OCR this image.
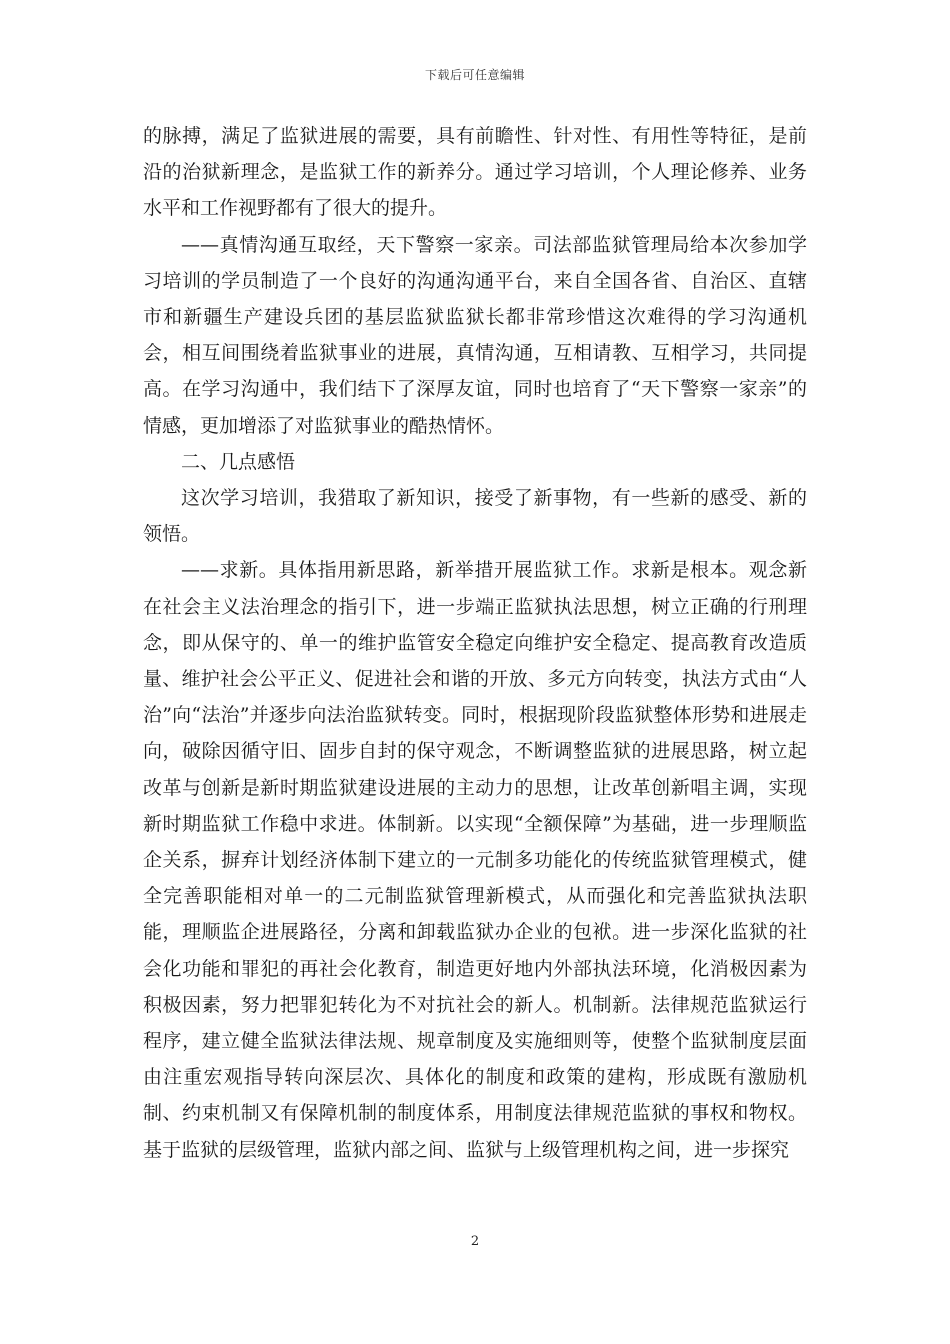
下载后可任意编辑

的脉搏，满足了监狱进展的需要，具有前瞻性、针对性、有用性等特征，是前沿的治狱新理念，是监狱工作的新养分。通过学习培训，个人理论修养、业务水平和工作视野都有了很大的提升。

——真情沟通互取经，天下警察一家亲。司法部监狱管理局给本次参加学习培训的学员制造了一个良好的沟通沟通平台，来自全国各省、自治区、直辖市和新疆生产建设兵团的基层监狱监狱长都非常珍惜这次难得的学习沟通机会，相互间围绕着监狱事业的进展，真情沟通，互相请教、互相学习，共同提高。在学习沟通中，我们结下了深厚友谊，同时也培育了“天下警察一家亲”的情感，更加增添了对监狱事业的酷热情怀。

二、几点感悟

这次学习培训，我猎取了新知识，接受了新事物，有一些新的感受、新的领悟。

——求新。具体指用新思路，新举措开展监狱工作。求新是根本。观念新在社会主义法治理念的指引下，进一步端正监狱执法思想，树立正确的行刑理念，即从保守的、单一的维护监管安全稳定向维护安全稳定、提高教育改造质量、维护社会公平正义、促进社会和谐的开放、多元方向转变，执法方式由“人治”向“法治”并逐步向法治监狱转变。同时，根据现阶段监狱整体形势和进展走向，破除因循守旧、固步自封的保守观念，不断调整监狱的进展思路，树立起改革与创新是新时期监狱建设进展的主动力的思想，让改革创新唱主调，实现新时期监狱工作稳中求进。体制新。以实现“全额保障”为基础，进一步理顺监企关系，摒弃计划经济体制下建立的一元制多功能化的传统监狱管理模式，健全完善职能相对单一的二元制监狱管理新模式，从而强化和完善监狱执法职能，理顺监企进展路径，分离和卸载监狱办企业的包袱。进一步深化监狱的社会化功能和罪犯的再社会化教育，制造更好地内外部执法环境，化消极因素为积极因素，努力把罪犯转化为不对抗社会的新人。机制新。法律规范监狱运行程序，建立健全监狱法律法规、规章制度及实施细则等，使整个监狱制度层面由注重宏观指导转向深层次、具体化的制度和政策的建构，形成既有激励机制、约束机制又有保障机制的制度体系，用制度法律规范监狱的事权和物权。基于监狱的层级管理，监狱内部之间、监狱与上级管理机构之间，进一步探究

2
